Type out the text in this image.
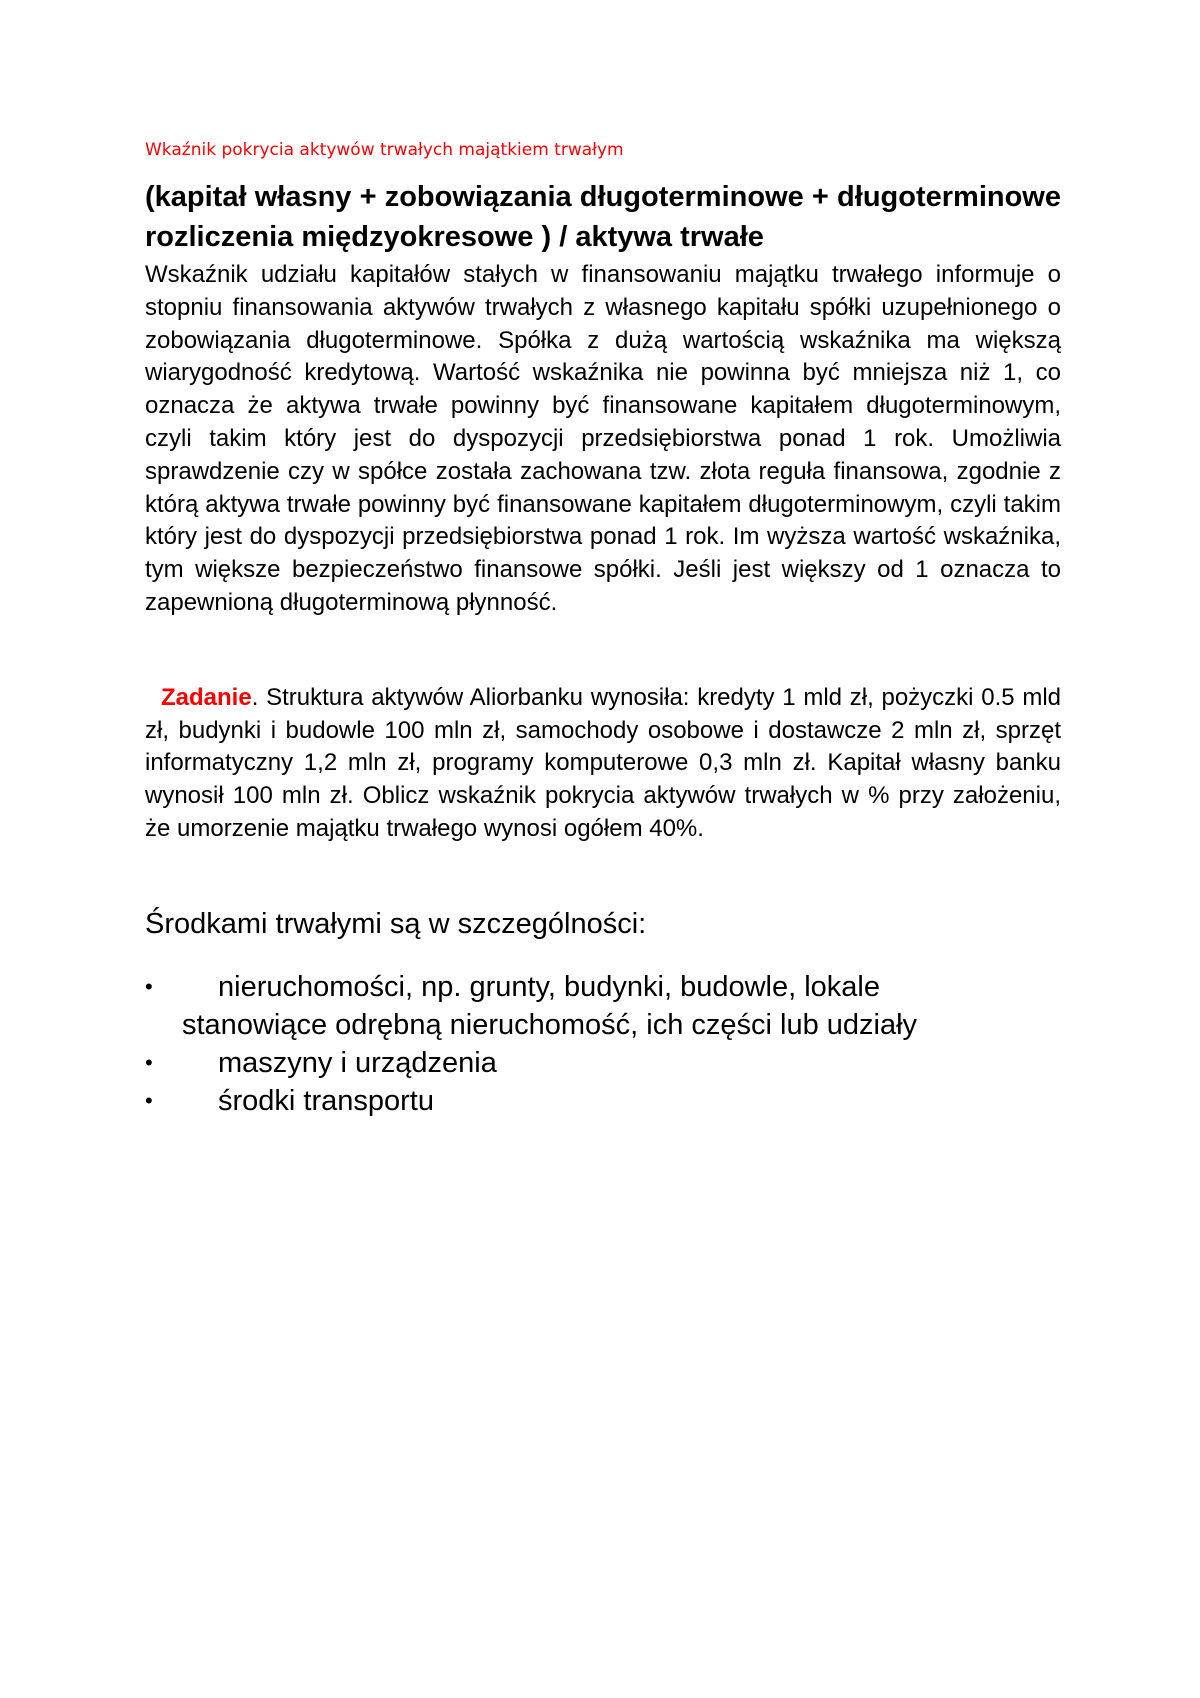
Wkaźnik pokrycia aktywów trwałych majątkiem trwałym

(kapitał własny + zobowiązania długoterminowe + długoterminowe rozliczenia międzyokresowe ) / aktywa trwałe

Wskaźnik udziału kapitałów stałych w finansowaniu majątku trwałego informuje o stopniu finansowania aktywów trwałych z własnego kapitału spółki uzupełnionego o zobowiązania długoterminowe. Spółka z dużą wartością wskaźnika ma większą wiarygodność kredytową. Wartość wskaźnika nie powinna być mniejsza niż 1, co oznacza że aktywa trwałe powinny być finansowane kapitałem długoterminowym, czyli takim który jest do dyspozycji przedsiębiorstwa ponad 1 rok. Umożliwia sprawdzenie czy w spółce została zachowana tzw. złota reguła finansowa, zgodnie z którą aktywa trwałe powinny być finansowane kapitałem długoterminowym, czyli takim który jest do dyspozycji przedsiębiorstwa ponad 1 rok. Im wyższa wartość wskaźnika, tym większe bezpieczeństwo finansowe spółki. Jeśli jest większy od 1 oznacza to zapewnioną długoterminową płynność.

Zadanie. Struktura aktywów Aliorbanku wynosiła: kredyty 1 mld zł, pożyczki 0.5 mld zł, budynki i budowle 100 mln zł, samochody osobowe i dostawcze 2 mln zł, sprzęt informatyczny 1,2 mln zł, programy komputerowe 0,3 mln zł. Kapitał własny banku wynosił 100 mln zł. Oblicz wskaźnik pokrycia aktywów trwałych w % przy założeniu, że umorzenie majątku trwałego wynosi ogółem 40%.

Środkami trwałymi są w szczególności:

• nieruchomości, np. grunty, budynki, budowle, lokale stanowiące odrębną nieruchomość, ich części lub udziały
• maszyny i urządzenia
• środki transportu
